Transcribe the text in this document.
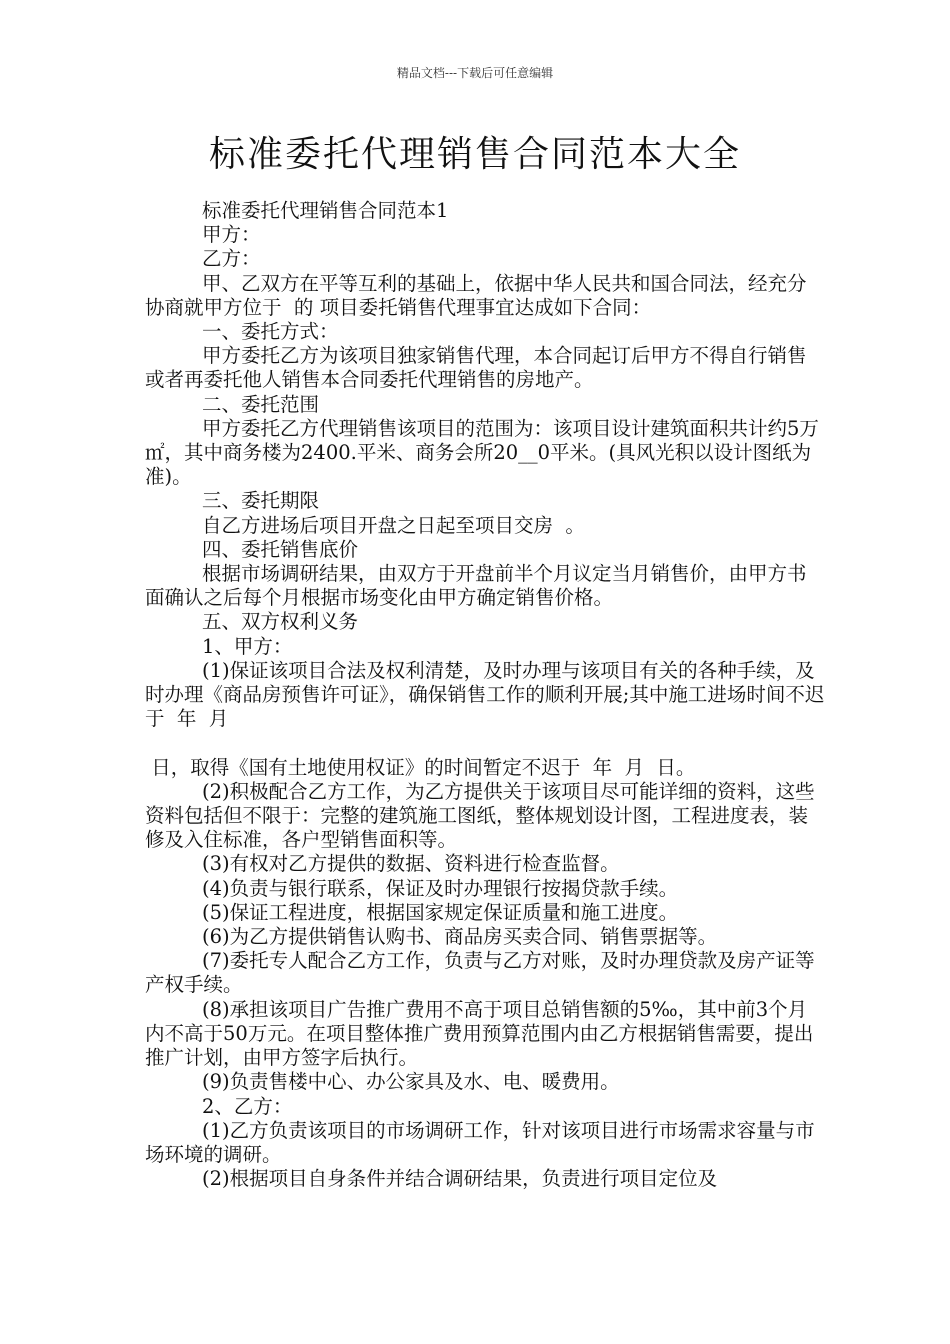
精品文档---下载后可任意编辑
标准委托代理销售合同范本大全

标准委托代理销售合同范本1

甲方：

乙方：

甲、乙双方在平等互利的基础上，依据中华人民共和国合同法，经充分协商就甲方位于  的 项目委托销售代理事宜达成如下合同：

一、委托方式：

甲方委托乙方为该项目独家销售代理，本合同起订后甲方不得自行销售或者再委托他人销售本合同委托代理销售的房地产。

二、委托范围

甲方委托乙方代理销售该项目的范围为：该项目设计建筑面积共计约5万㎡，其中商务楼为2400.平米、商务会所20__0平米。(具风光积以设计图纸为准)。

三、委托期限

自乙方进场后项目开盘之日起至项目交房  。

四、委托销售底价

根据市场调研结果，由双方于开盘前半个月议定当月销售价，由甲方书面确认之后每个月根据市场变化由甲方确定销售价格。

五、双方权利义务

1、甲方：

(1)保证该项目合法及权利清楚，及时办理与该项目有关的各种手续，及时办理《商品房预售许可证》，确保销售工作的顺利开展;其中施工进场时间不迟于  年  月

日，取得《国有土地使用权证》的时间暂定不迟于  年  月  日。

(2)积极配合乙方工作，为乙方提供关于该项目尽可能详细的资料，这些资料包括但不限于：完整的建筑施工图纸，整体规划设计图，工程进度表，装修及入住标准，各户型销售面积等。

(3)有权对乙方提供的数据、资料进行检查监督。

(4)负责与银行联系，保证及时办理银行按揭贷款手续。

(5)保证工程进度，根据国家规定保证质量和施工进度。

(6)为乙方提供销售认购书、商品房买卖合同、销售票据等。

(7)委托专人配合乙方工作，负责与乙方对账，及时办理贷款及房产证等产权手续。

(8)承担该项目广告推广费用不高于项目总销售额的5‰，其中前3个月内不高于50万元。在项目整体推广费用预算范围内由乙方根据销售需要，提出推广计划，由甲方签字后执行。

(9)负责售楼中心、办公家具及水、电、暖费用。

2、乙方：

(1)乙方负责该项目的市场调研工作，针对该项目进行市场需求容量与市场环境的调研。

(2)根据项目自身条件并结合调研结果，负责进行项目定位及
